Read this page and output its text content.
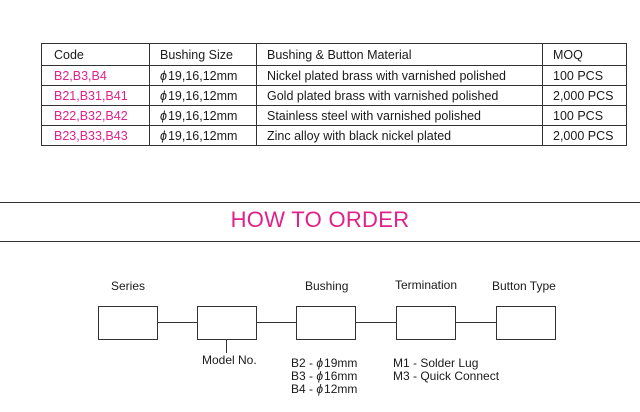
Code	Bushing Size	Bushing & Button Material	MOQ
B2,B3,B4	ϕ19,16,12mm	Nickel plated brass with varnished polished	100 PCS
B21,B31,B41	ϕ19,16,12mm	Gold plated brass with varnished polished	2,000 PCS
B22,B32,B42	ϕ19,16,12mm	Stainless steel with varnished polished	100 PCS
B23,B33,B43	ϕ19,16,12mm	Zinc alloy with black nickel plated	2,000 PCS
HOW TO ORDER
Series	Bushing	Termination	Button Type
Model No.	B2 - ϕ19mm
B3 - ϕ16mm
B4 - ϕ12mm
M1 - Solder Lug
M3 - Quick Connect
